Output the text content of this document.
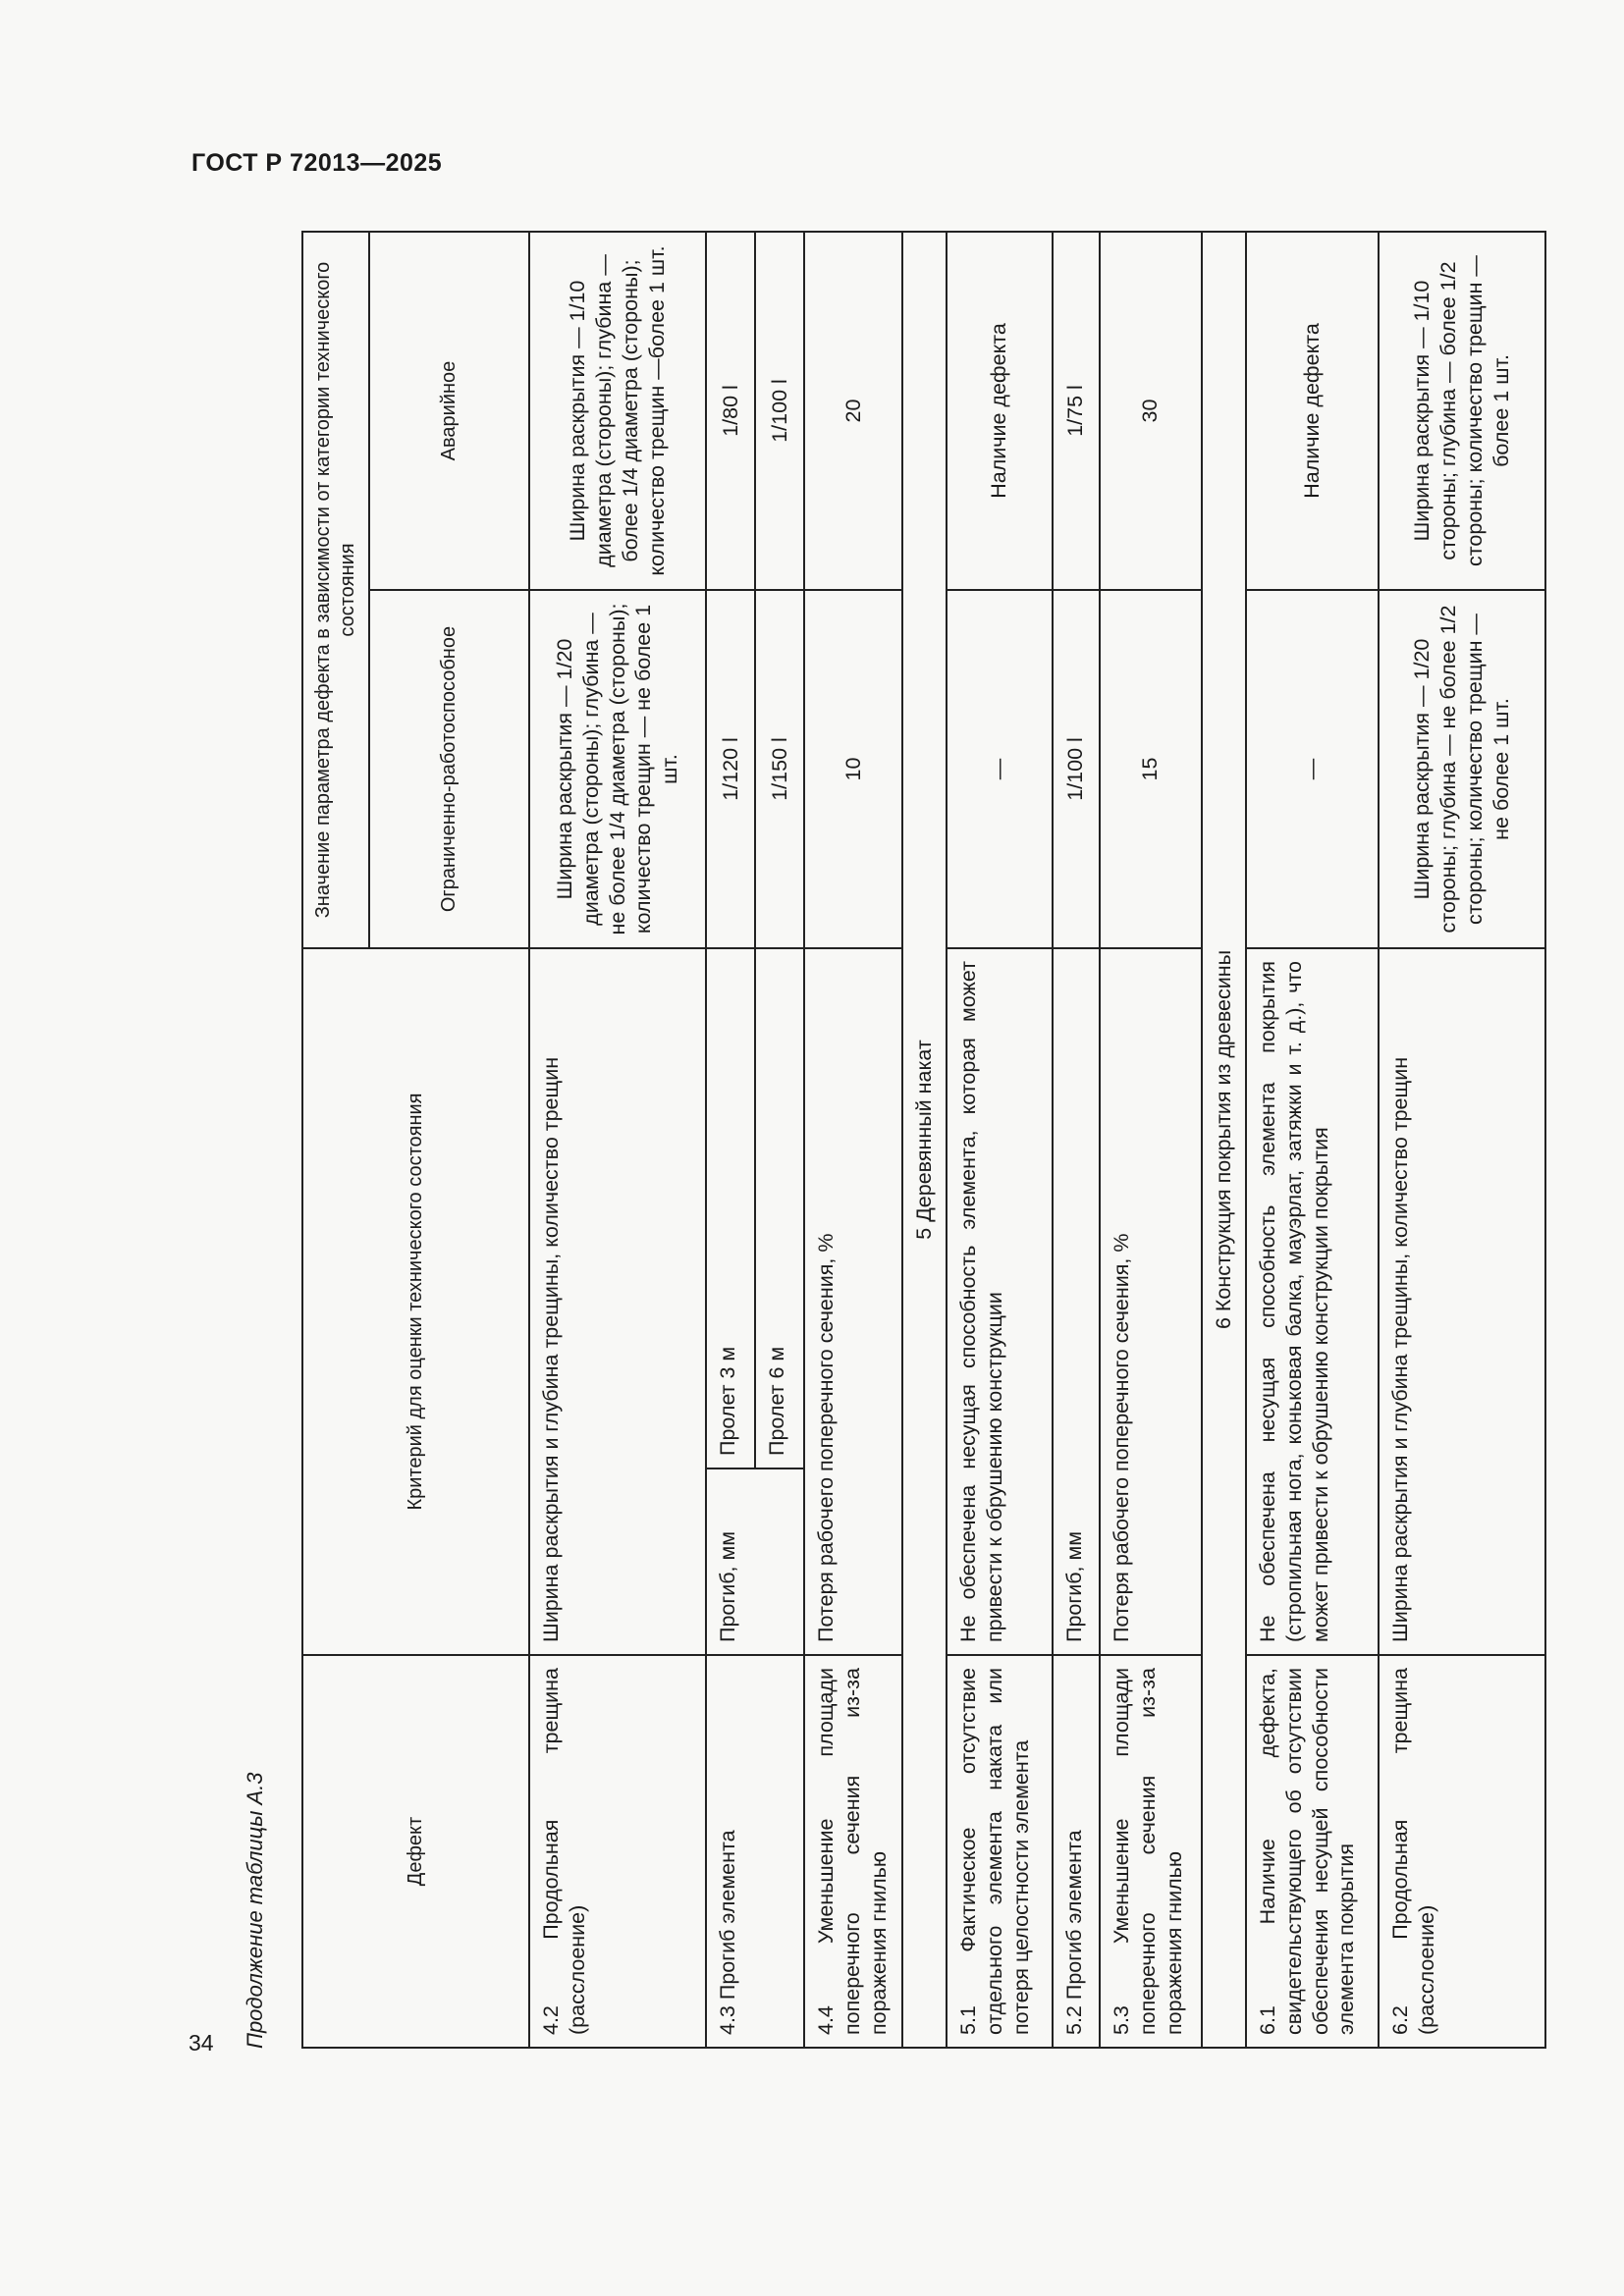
ГОСТ Р 72013—2025
34 Продолжение таблицы А.3	Дефект	Критерий для оценки технического состояния		Значение параметра дефекта в зависимости от категории технического состояния	
			Ограниченно-работоспособное	Аварийное
4.2 Продольная трещина (расслоение)	Ширина раскрытия и глубина трещины, количество трещин		Ширина раскрытия — 1/20 диаметра (стороны); глубина — не более 1/4 диаметра (стороны); количество трещин — не более 1 шт.	Ширина раскрытия — 1/10 диаметра (стороны); глубина — более 1/4 диаметра (стороны); количество трещин —более 1 шт.
4.3 Прогиб элемента	Прогиб, мм	Пролет 3 м	1/120 l	1/80 l
		Пролет 6 м	1/150 l	1/100 l
4.4 Уменьшение площади поперечного сечения из-за поражения гнилью	Потеря рабочего поперечного сечения, %		10	20
5 Деревянный накат				
5.1 Фактическое отсутствие отдельного элемента наката или потеря целостности элемента	Не обеспечена несущая способность элемента, которая может привести к обрушению конструкции		—	Наличие дефекта
5.2 Прогиб элемента	Прогиб, мм		1/100 l	1/75 l
5.3 Уменьшение площади поперечного сечения из-за поражения гнилью	Потеря рабочего поперечного сечения, %		15	30
6 Конструкция покрытия из древесины				
6.1 Наличие дефекта, свидетельствующего об отсутствии обеспечения несущей способности элемента покрытия	Не обеспечена несущая способность элемента покрытия (стропильная нога, коньковая балка, мауэрлат, затяжки и т. д.), что может привести к обрушению конструкции покрытия		—	Наличие дефекта
6.2 Продольная трещина (расслоение)	Ширина раскрытия и глубина трещины, количество трещин		Ширина раскрытия — 1/20 стороны; глубина — не более 1/2 стороны; количество трещин — не более 1 шт.	Ширина раскрытия — 1/10 стороны; глубина — более 1/2 стороны; количество трещин — более 1 шт.
